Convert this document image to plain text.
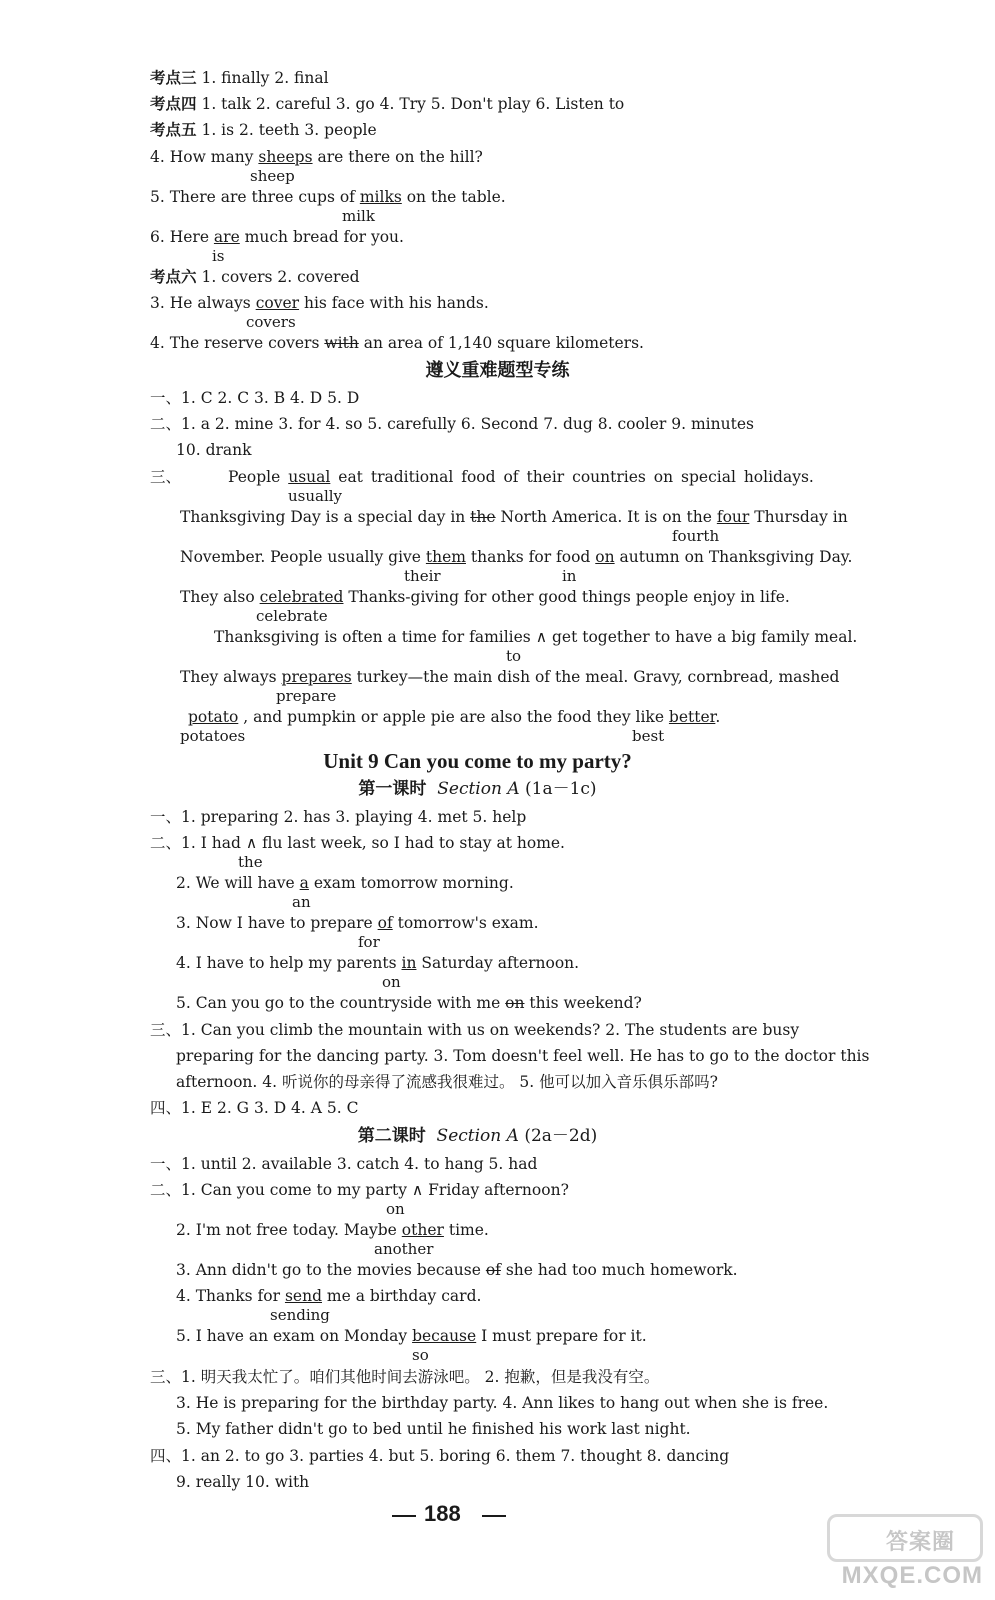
考点三 1. finally 2. final
考点四 1. talk 2. careful 3. go 4. Try 5. Don't play 6. Listen to
考点五 1. is 2. teeth 3. people
4. How many sheeps are there on the hill?
sheep
5. There are three cups of milks on the table.
milk
6. Here are much bread for you.
is
考点六 1. covers 2. covered
3. He always cover his face with his hands.
covers
4. The reserve covers with an area of 1,140 square kilometers.
遵义重难题型专练
一、1. C 2. C 3. B 4. D 5. D
二、1. a 2. mine 3. for 4. so 5. carefully 6. Second 7. dug 8. cooler 9. minutes
10. drank
三、	People usual eat traditional food of their countries on special holidays.
usually
Thanksgiving Day is a special day in the North America. It is on the four Thursday in
fourth
November. People usually give them thanks for food on autumn on Thanksgiving Day.
their	in
They also celebrated Thanks-giving for other good things people enjoy in life.
celebrate
Thanksgiving is often a time for families ∧ get together to have a big family meal.
to
They always prepares turkey—the main dish of the meal. Gravy, cornbread, mashed
prepare
potato , and pumpkin or apple pie are also the food they like better.
potatoes	best
Unit 9 Can you come to my party?
第一课时 Section A (1a－1c)
一、1. preparing 2. has 3. playing 4. met 5. help
二、1. I had ∧ flu last week, so I had to stay at home.
the
2. We will have a exam tomorrow morning.
an
3. Now I have to prepare of tomorrow's exam.
for
4. I have to help my parents in Saturday afternoon.
on
5. Can you go to the countryside with me on this weekend?
三、1. Can you climb the mountain with us on weekends? 2. The students are busy
preparing for the dancing party. 3. Tom doesn't feel well. He has to go to the doctor this
afternoon. 4. 听说你的母亲得了流感我很难过。 5. 他可以加入音乐俱乐部吗?
四、1. E 2. G 3. D 4. A 5. C
第二课时 Section A (2a－2d)
一、1. until 2. available 3. catch 4. to hang 5. had
二、1. Can you come to my party ∧ Friday afternoon?
on
2. I'm not free today. Maybe other time.
another
3. Ann didn't go to the movies because of she had too much homework.
4. Thanks for send me a birthday card.
sending
5. I have an exam on Monday because I must prepare for it.
so
三、1. 明天我太忙了。咱们其他时间去游泳吧。 2. 抱歉，但是我没有空。
3. He is preparing for the birthday party. 4. Ann likes to hang out when she is free.
5. My father didn't go to bed until he finished his work last night.
四、1. an 2. to go 3. parties 4. but 5. boring 6. them 7. thought 8. dancing
9. really 10. with
188
答案圈
MXQE.COM
